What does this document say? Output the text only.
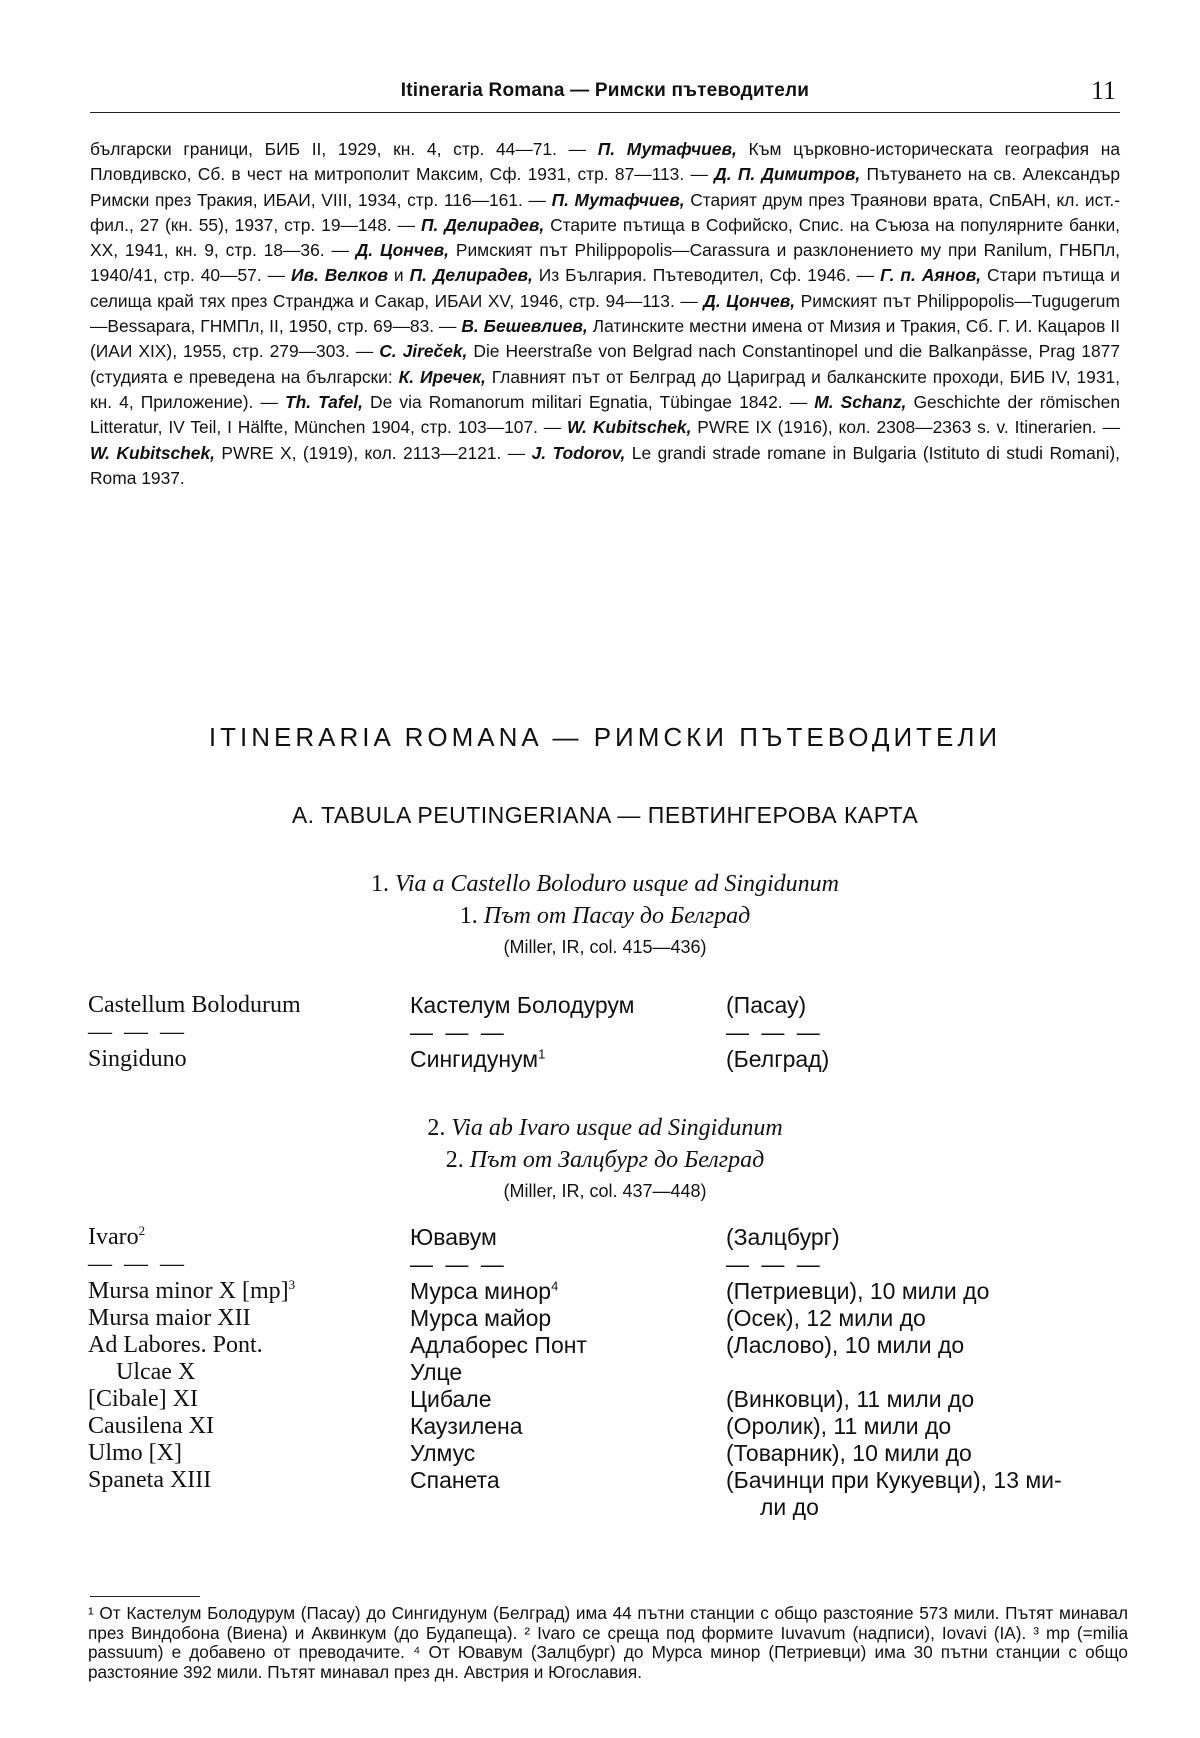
Itineraria Romana — Римски пътеводители	11
български граници, БИБ II, 1929, кн. 4, стр. 44—71. — П. Мутафчиев, Към църковно-историческата география на Пловдивско, Сб. в чест на митрополит Максим, Сф. 1931, стр. 87—113. — Д. П. Димитров, Пътуването на св. Александър Римски през Тракия, ИБАИ, VIII, 1934, стр. 116—161. — П. Мутафчиев, Старият друм през Траянови врата, СпБАН, кл. ист.-фил., 27 (кн. 55), 1937, стр. 19—148. — П. Делирадев, Старите пътища в Софийско, Спис. на Съюза на популярните банки, XX, 1941, кн. 9, стр. 18—36. — Д. Цончев, Римският път Philippopolis—Carassura и разклонението му при Ranilum, ГНБПл, 1940/41, стр. 40—57. — Ив. Велков и П. Делирадев, Из България. Пътеводител, Сф. 1946. — Г. п. Аянов, Стари пътища и селища край тях през Странджа и Сакар, ИБАИ XV, 1946, стр. 94—113. — Д. Цончев, Римският път Philippopolis—Tugugerum—Bessapara, ГНМПл, II, 1950, стр. 69—83. — В. Бешевлиев, Латинските местни имена от Мизия и Тракия, Сб. Г. И. Кацаров II (ИАИ XIX), 1955, стр. 279—303. — C. Jireček, Die Heerstraße von Belgrad nach Constantinopel und die Balkanpässe, Prag 1877 (студията е преведена на български: К. Иречек, Главният път от Белград до Цариград и балканските проходи, БИБ IV, 1931, кн. 4, Приложение). — Th. Tafel, De via Romanorum militari Egnatia, Tübingae 1842. — M. Schanz, Geschichte der römischen Litteratur, IV Teil, I Hälfte, München 1904, стр. 103—107. — W. Kubitschek, PWRE IX (1916), кол. 2308—2363 s. v. Itinerarien. — W. Kubitschek, PWRE X, (1919), кол. 2113—2121. — J. Todorov, Le grandi strade romane in Bulgaria (Istituto di studi Romani), Roma 1937.
ITINERARIA ROMANA — РИМСКИ ПЪТЕВОДИТЕЛИ
A. TABULA PEUTINGERIANA — ПЕВТИНГЕРОВА КАРТА
1. Via a Castello Boloduro usque ad Singidunum
1. Път от Пасау до Белград
(Miller, IR, col. 415—436)
Castellum Bolodurum	Кастелум Болодурум	(Пасау)
— — —	— — —	— — —
Singiduno	Сингидунум$^1$	(Белград)
2. Via ab Ivaro usque ad Singidunum
2. Път от Залцбург до Белград
(Miller, IR, col. 437—448)
Ivaro$^2$	Ювавум	(Залцбург)
— — —	— — —	— — —
Mursa minor X [mp]$^3$	Мурса минор$^4$	(Петриевци), 10 мили до
Mursa maior XII	Мурса майор	(Осек), 12 мили до
Ad Labores. Pont.	Адлаборес Понт	(Ласлово), 10 мили до
Ulcae X	Улце
[Cibale] XI	Цибале	(Винковци), 11 мили до
Causilena XI	Каузилена	(Оролик), 11 мили до
Ulmo [X]	Улмус	(Товарник), 10 мили до
Spaneta XIII	Спанета	(Бачинци при Кукуевци), 13 ми-
ли до
¹ От Кастелум Болодурум (Пасау) до Сингидунум (Белград) има 44 пътни станции с общо разстояние 573 мили. Пътят минавал през Виндобона (Виена) и Аквинкум (до Будапеща). ² Ivaro се среща под формите Iuvavum (надписи), Iovavi (IA). ³ mp (=milia passuum) е добавено от преводачите. ⁴ От Ювавум (Залцбург) до Мурса минор (Петриевци) има 30 пътни станции с общо разстояние 392 мили. Пътят минавал през дн. Австрия и Югославия.
